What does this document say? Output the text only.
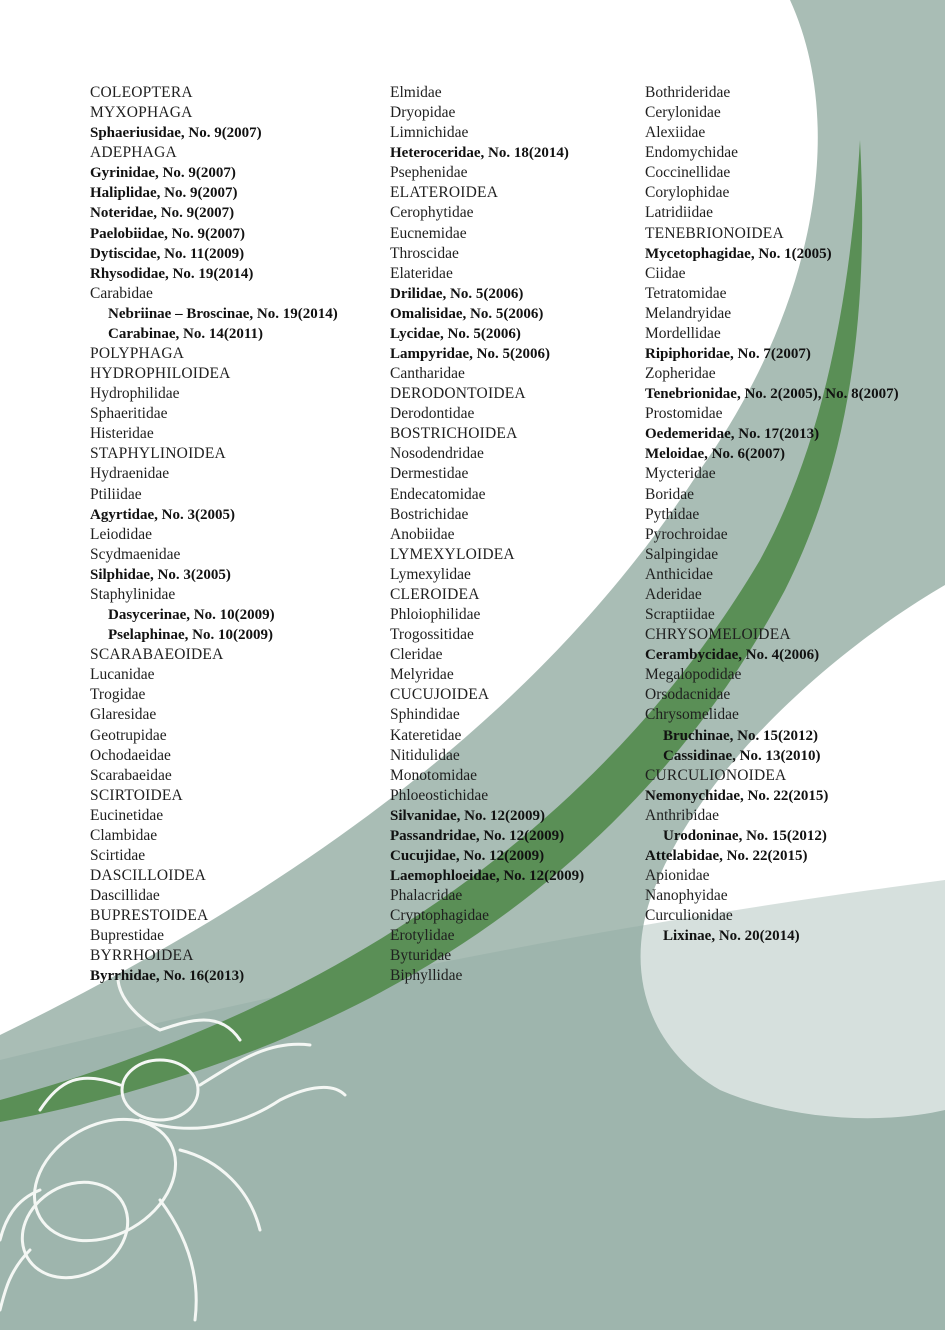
COLEOPTERA
MYXOPHAGA
Sphaeriusidae, No. 9(2007)
ADEPHAGA
Gyrinidae, No. 9(2007)
Haliplidae, No. 9(2007)
Noteridae, No. 9(2007)
Paelobiidae, No. 9(2007)
Dytiscidae, No. 11(2009)
Rhysodidae, No. 19(2014)
Carabidae
Nebriinae – Broscinae, No. 19(2014)
Carabinae, No. 14(2011)
POLYPHAGA
HYDROPHILOIDEA
Hydrophilidae
Sphaeritidae
Histeridae
STAPHYLINOIDEA
Hydraenidae
Ptiliidae
Agyrtidae, No. 3(2005)
Leiodidae
Scydmaenidae
Silphidae, No. 3(2005)
Staphylinidae
Dasycerinae, No. 10(2009)
Pselaphinae, No. 10(2009)
SCARABAEOIDEA
Lucanidae
Trogidae
Glaresidae
Geotrupidae
Ochodaeidae
Scarabaeidae
SCIRTOIDEA
Eucinetidae
Clambidae
Scirtidae
DASCILLOIDEA
Dascillidae
BUPRESTOIDEA
Buprestidae
BYRRHOIDEA
Byrrhidae, No. 16(2013)
Elmidae
Dryopidae
Limnichidae
Heteroceridae, No. 18(2014)
Psephenidae
ELATEROIDEA
Cerophytidae
Eucnemidae
Throscidae
Elateridae
Drilidae, No. 5(2006)
Omalisidae, No. 5(2006)
Lycidae, No. 5(2006)
Lampyridae, No. 5(2006)
Cantharidae
DERODONTOIDEA
Derodontidae
BOSTRICHOIDEA
Nosodendridae
Dermestidae
Endecatomidae
Bostrichidae
Anobiidae
LYMEXYLOIDEA
Lymexylidae
CLEROIDEA
Phloiophilidae
Trogossitidae
Cleridae
Melyridae
CUCUJOIDEA
Sphindidae
Kateretidae
Nitidulidae
Monotomidae
Phloeostichidae
Silvanidae, No. 12(2009)
Passandridae, No. 12(2009)
Cucujidae, No. 12(2009)
Laemophloeidae, No. 12(2009)
Phalacridae
Cryptophagidae
Erotylidae
Byturidae
Biphyllidae
Bothrideridae
Cerylonidae
Alexiidae
Endomychidae
Coccinellidae
Corylophidae
Latridiidae
TENEBRIONOIDEA
Mycetophagidae, No. 1(2005)
Ciidae
Tetratomidae
Melandryidae
Mordellidae
Ripiphoridae, No. 7(2007)
Zopheridae
Tenebrionidae, No. 2(2005), No. 8(2007)
Prostomidae
Oedemeridae, No. 17(2013)
Meloidae, No. 6(2007)
Mycteridae
Boridae
Pythidae
Pyrochroidae
Salpingidae
Anthicidae
Aderidae
Scraptiidae
CHRYSOMELOIDEA
Cerambycidae, No. 4(2006)
Megalopodidae
Orsodacnidae
Chrysomelidae
Bruchinae, No. 15(2012)
Cassidinae, No. 13(2010)
CURCULIONOIDEA
Nemonychidae, No. 22(2015)
Anthribidae
Urodoninae, No. 15(2012)
Attelabidae, No. 22(2015)
Apionidae
Nanophyidae
Curculionidae
Lixinae, No. 20(2014)
